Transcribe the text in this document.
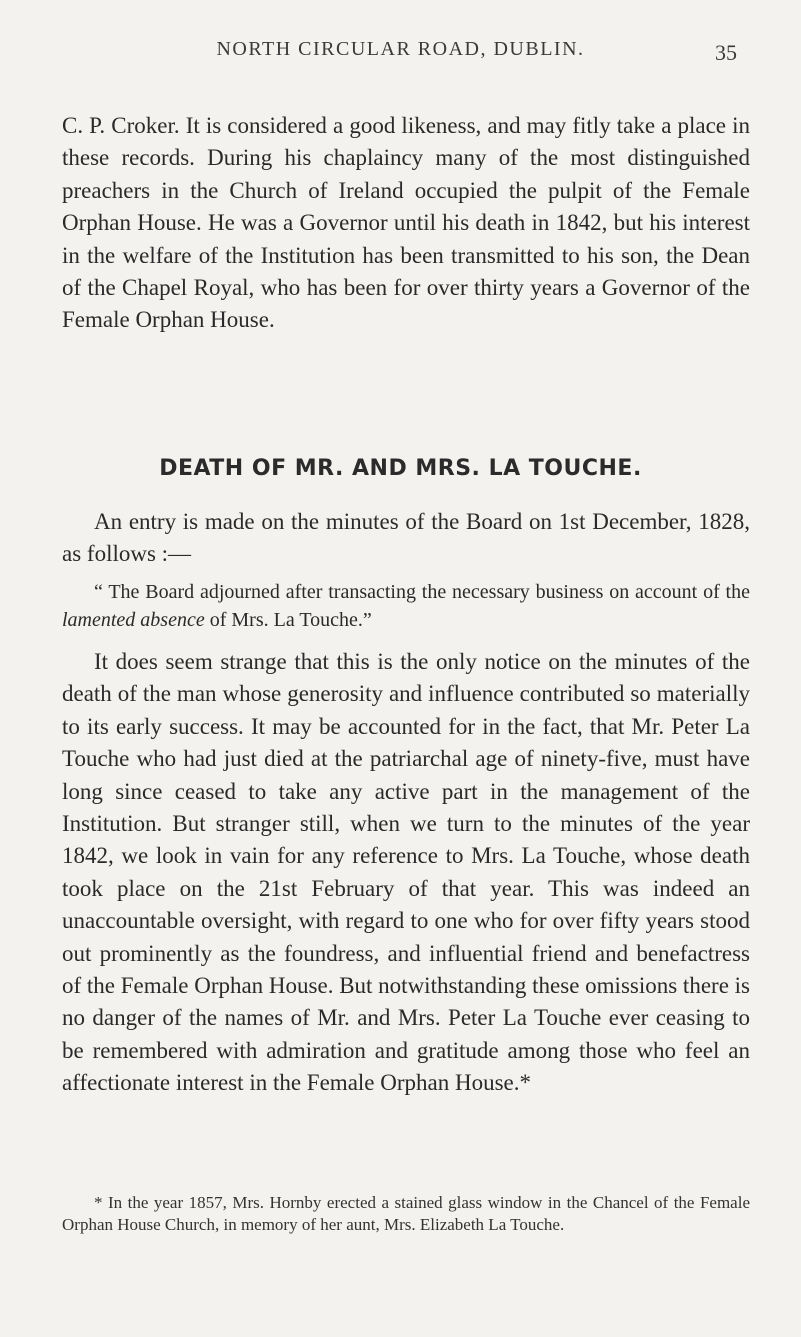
NORTH CIRCULAR ROAD, DUBLIN.	35
C. P. Croker. It is considered a good likeness, and may fitly take a place in these records. During his chaplaincy many of the most distinguished preachers in the Church of Ireland occupied the pulpit of the Female Orphan House. He was a Governor until his death in 1842, but his interest in the welfare of the Institution has been transmitted to his son, the Dean of the Chapel Royal, who has been for over thirty years a Governor of the Female Orphan House.
DEATH OF MR. AND MRS. LA TOUCHE.
An entry is made on the minutes of the Board on 1st December, 1828, as follows :—
“ The Board adjourned after transacting the necessary business on account of the lamented absence of Mrs. La Touche.”
It does seem strange that this is the only notice on the minutes of the death of the man whose generosity and influence contributed so materially to its early success. It may be accounted for in the fact, that Mr. Peter La Touche who had just died at the patriarchal age of ninety-five, must have long since ceased to take any active part in the management of the Institution. But stranger still, when we turn to the minutes of the year 1842, we look in vain for any reference to Mrs. La Touche, whose death took place on the 21st February of that year. This was indeed an unaccountable oversight, with regard to one who for over fifty years stood out prominently as the foundress, and influential friend and benefactress of the Female Orphan House. But notwithstanding these omissions there is no danger of the names of Mr. and Mrs. Peter La Touche ever ceasing to be remembered with admiration and gratitude among those who feel an affectionate interest in the Female Orphan House.*
* In the year 1857, Mrs. Hornby erected a stained glass window in the Chancel of the Female Orphan House Church, in memory of her aunt, Mrs. Elizabeth La Touche.
